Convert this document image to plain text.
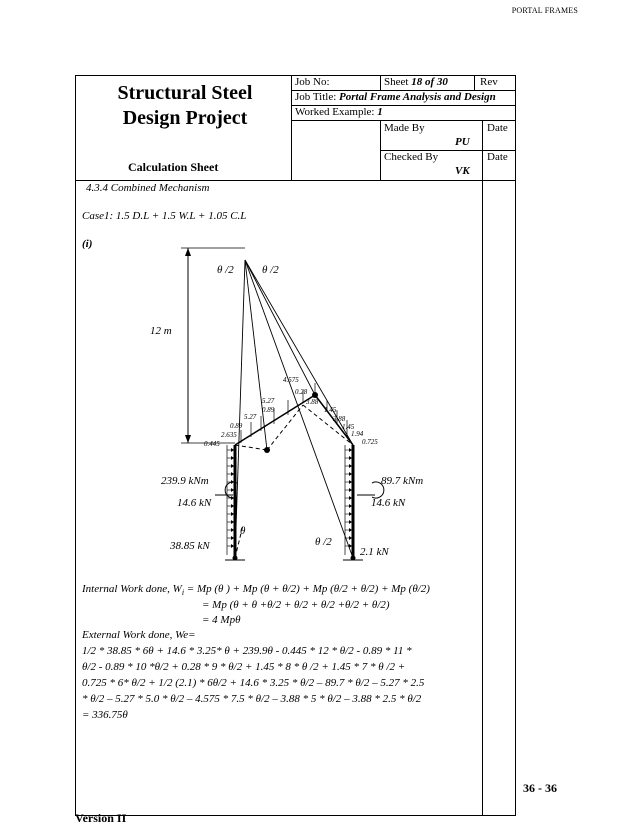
PORTAL FRAMES
Structural Steel
Design Project
Calculation Sheet
Job No:	Sheet 18 of 30	Rev
Job Title: Portal Frame Analysis and Design
Worked Example: 1
Made By
PU
Date
Checked By
VK
Date
4.3.4 Combined Mechanism
Case1: 1.5 D.L + 1.5 W.L + 1.05 C.L
(i)
θ /2	θ /2
12 m
4.575
5.27
0.89
0.28
3.88
1.45
3.88
1.45
1.94
5.27
0.89
2.635
0.445	0.725
239.9 kNm	89.7 kNm
14.6 kN	14.6 kN
θ
38.85 kN	θ /2
2.1 kN
Internal Work done, $W_i = Mp$ (θ ) + Mp (θ + θ/2) + Mp (θ/2 + θ/2) + Mp (θ/2)
= Mp (θ + θ +θ/2 + θ/2 + θ/2 +θ/2 + θ/2)
= 4 Mpθ
External Work done, We=
1/2 * 38.85 * 6θ + 14.6 * 3.25* θ + 239.9θ - 0.445 * 12 * θ/2 - 0.89 * 11 *
θ/2 - 0.89 * 10 *θ/2 + 0.28 * 9 * θ/2 + 1.45 * 8 * θ /2 + 1.45 * 7 * θ /2 +
0.725 * 6* θ/2 + 1/2 (2.1) * 6θ/2 + 14.6 * 3.25 * θ/2 – 89.7 * θ/2 – 5.27 * 2.5
* θ/2 – 5.27 * 5.0 * θ/2 – 4.575 * 7.5 * θ/2 – 3.88 * 5 * θ/2 – 3.88 * 2.5 * θ/2
= 336.75θ
36 - 36
Version II
